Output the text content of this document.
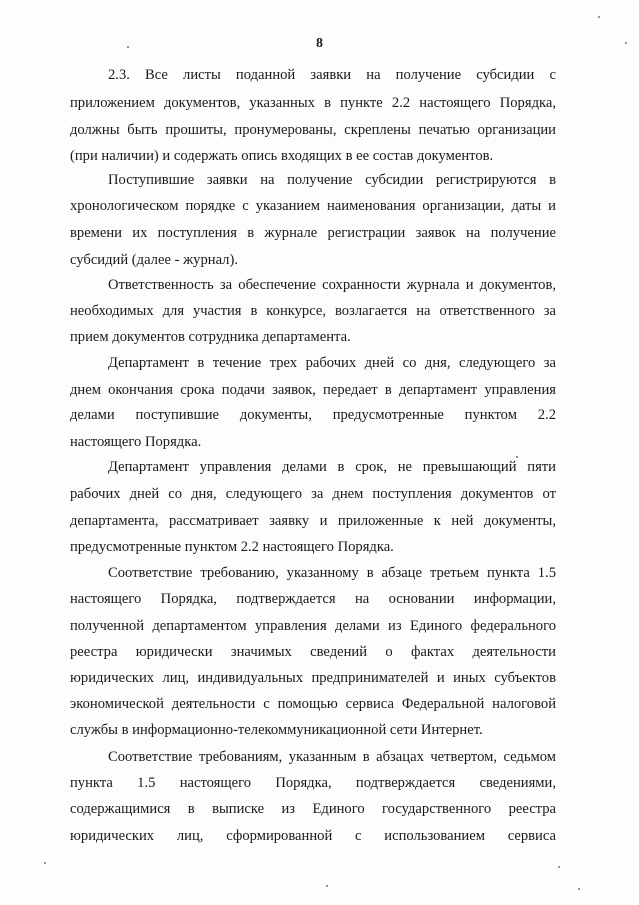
8
2.3. Все листы поданной заявки на получение субсидии с
приложением документов, указанных в пункте 2.2 настоящего Порядка,
должны быть прошиты, пронумерованы, скреплены печатью организации
(при наличии) и содержать опись входящих в ее состав документов.
Поступившие заявки на получение субсидии регистрируются в
хронологическом порядке с указанием наименования организации, даты и
времени их поступления в журнале регистрации заявок на получение
субсидий (далее - журнал).
Ответственность за обеспечение сохранности журнала и документов,
необходимых для участия в конкурсе, возлагается на ответственного за
прием документов сотрудника департамента.
Департамент в течение трех рабочих дней со дня, следующего за
днем окончания срока подачи заявок, передает в департамент управления
делами поступившие документы, предусмотренные пунктом 2.2
настоящего Порядка.
Департамент управления делами в срок, не превышающий пяти
рабочих дней со дня, следующего за днем поступления документов от
департамента, рассматривает заявку и приложенные к ней документы,
предусмотренные пунктом 2.2 настоящего Порядка.
Соответствие требованию, указанному в абзаце третьем пункта 1.5
настоящего Порядка, подтверждается на основании информации,
полученной департаментом управления делами из Единого федерального
реестра юридически значимых сведений о фактах деятельности
юридических лиц, индивидуальных предпринимателей и иных субъектов
экономической деятельности с помощью сервиса Федеральной налоговой
службы в информационно-телекоммуникационной сети Интернет.
Соответствие требованиям, указанным в абзацах четвертом, седьмом
пункта 1.5 настоящего Порядка, подтверждается сведениями,
содержащимися в выписке из Единого государственного реестра
юридических лиц, сформированной с использованием сервиса
